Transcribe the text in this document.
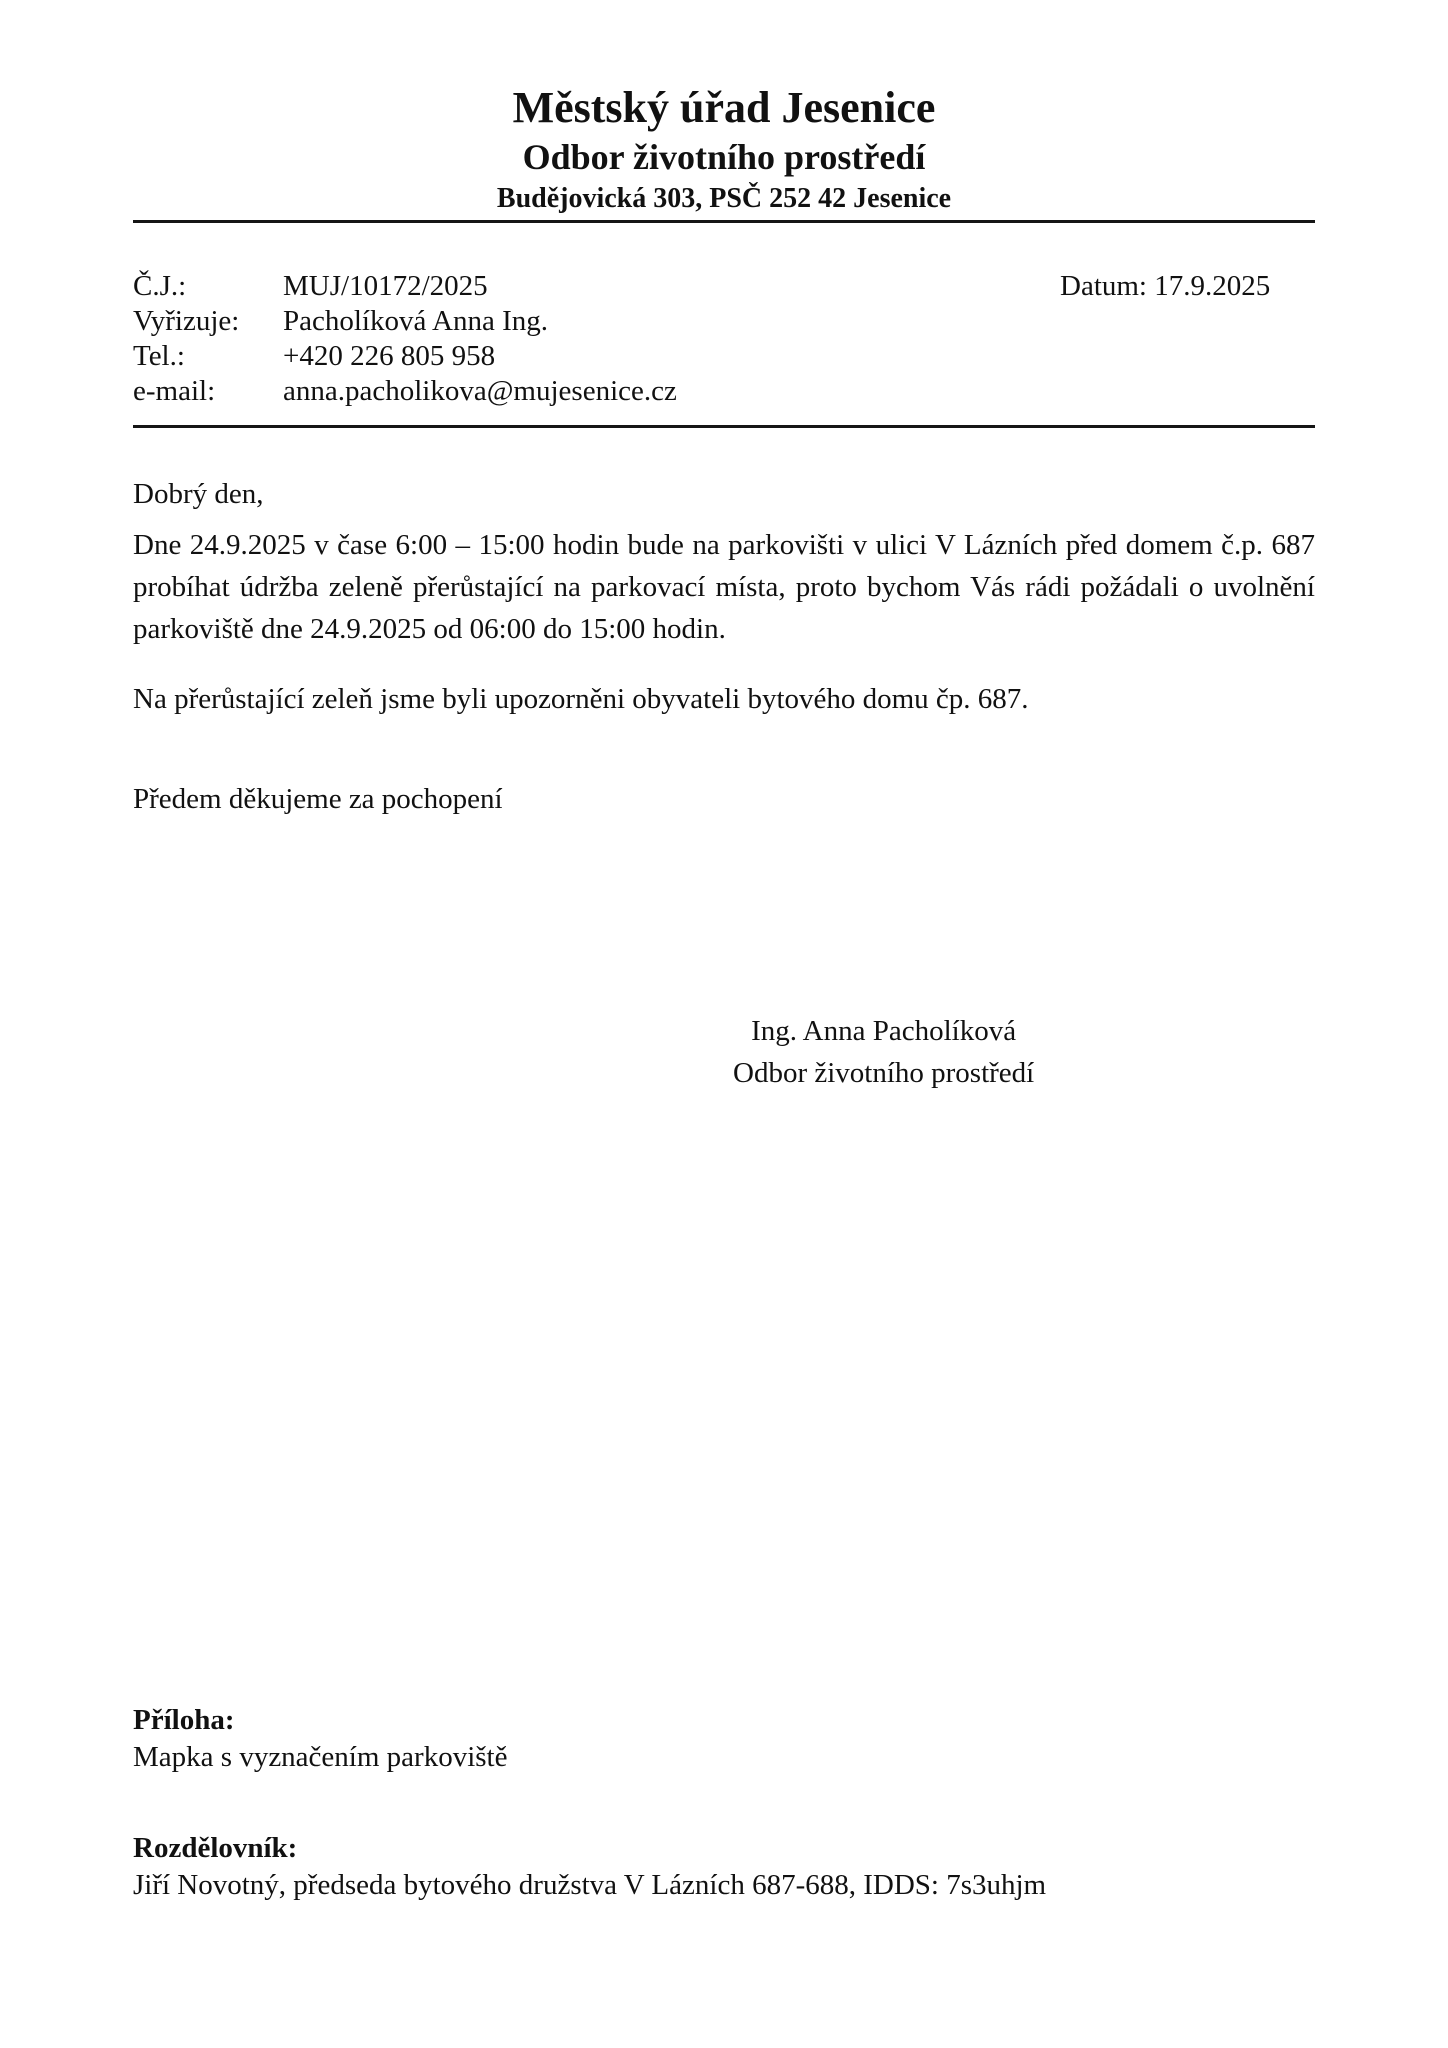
Městský úřad Jesenice
Odbor životního prostředí
Budějovická 303, PSČ 252 42 Jesenice
Č.J.:	MUJ/10172/2025
Vyřizuje:	Pacholíková Anna Ing.
Tel.:	+420 226 805 958
e-mail:	anna.pacholikova@mujesenice.cz
Datum: 17.9.2025
Dobrý den,

Dne 24.9.2025 v čase 6:00 – 15:00 hodin bude na parkovišti v ulici V Lázních před domem č.p. 687 probíhat údržba zeleně přerůstající na parkovací místa, proto bychom Vás rádi požádali o uvolnění parkoviště dne 24.9.2025 od 06:00 do 15:00 hodin.

Na přerůstající zeleň jsme byli upozorněni obyvateli bytového domu čp. 687.

Předem děkujeme za pochopení

Ing. Anna Pacholíková
Odbor životního prostředí
Příloha:
Mapka s vyznačením parkoviště
Rozdělovník:
Jiří Novotný, předseda bytového družstva V Lázních 687-688, IDDS: 7s3uhjm
